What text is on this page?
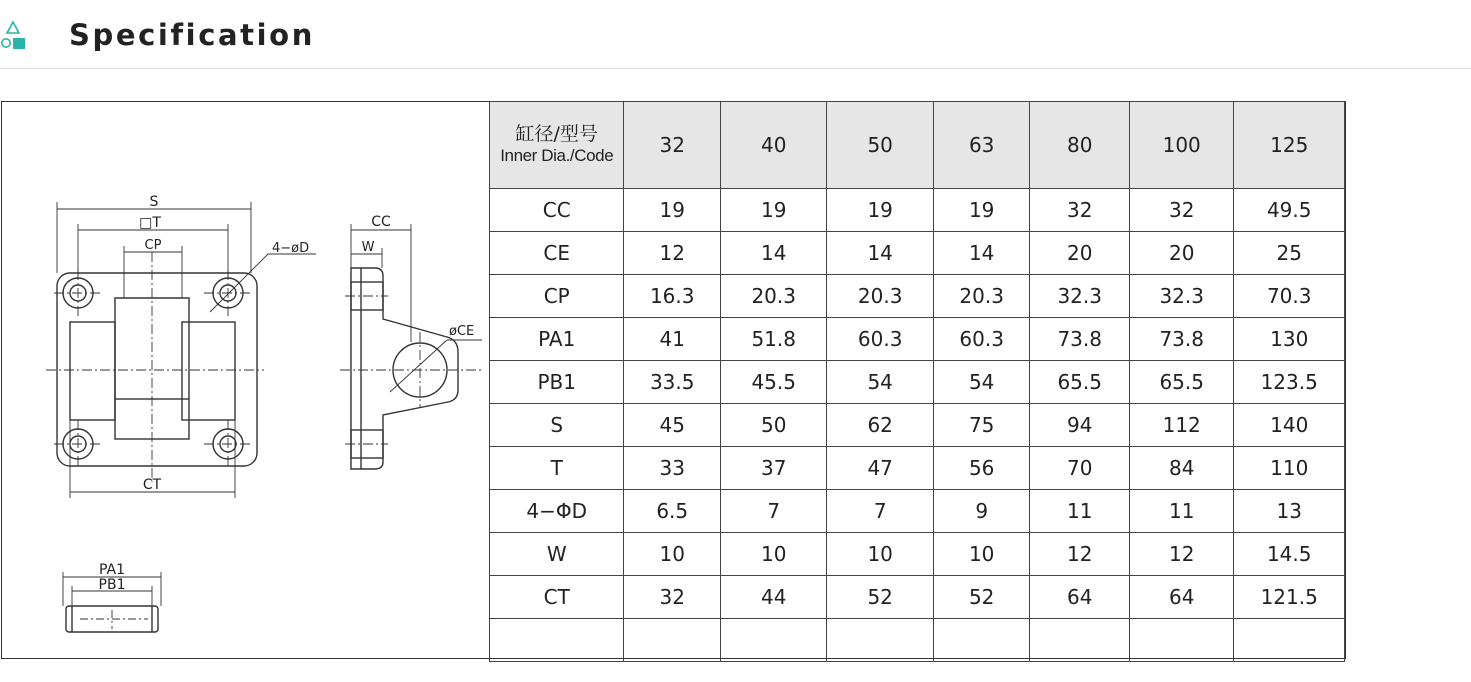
Specification
S
□T
CP	4−øD
CT
CC
W
øCE
PA1
PB1
缸径/型号
Inner Dia./Code	32	40	50	63	80	100	125
CC	19	19	19	19	32	32	49.5
CE	12	14	14	14	20	20	25
CP	16.3	20.3	20.3	20.3	32.3	32.3	70.3
PA1	41	51.8	60.3	60.3	73.8	73.8	130
PB1	33.5	45.5	54	54	65.5	65.5	123.5
S	45	50	62	75	94	112	140
T	33	37	47	56	70	84	110
4−ΦD	6.5	7	7	9	11	11	13
W	10	10	10	10	12	12	14.5
CT	32	44	52	52	64	64	121.5
